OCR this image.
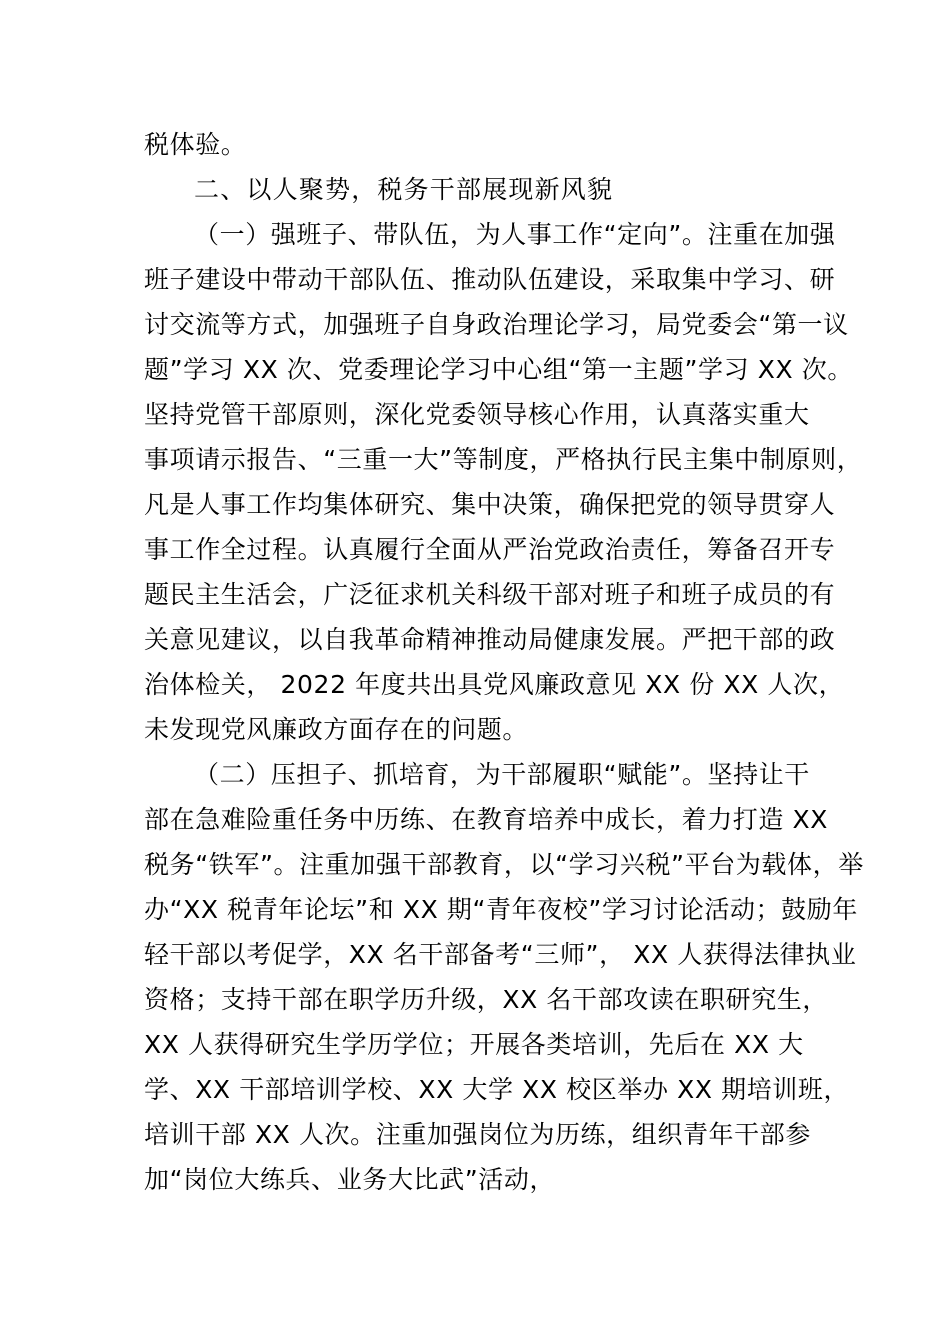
税体验。
二、以人聚势，税务干部展现新风貌
（一）强班子、带队伍，为人事工作“定向”。注重在加强
班子建设中带动干部队伍、推动队伍建设，采取集中学习、研
讨交流等方式，加强班子自身政治理论学习，局党委会“第一议
题”学习 XX 次、党委理论学习中心组“第一主题”学习 XX 次。
坚持党管干部原则，深化党委领导核心作用，认真落实重大
事项请示报告、“三重一大”等制度，严格执行民主集中制原则，
凡是人事工作均集体研究、集中决策，确保把党的领导贯穿人
事工作全过程。认真履行全面从严治党政治责任，筹备召开专
题民主生活会，广泛征求机关科级干部对班子和班子成员的有
关意见建议，以自我革命精神推动局健康发展。严把干部的政
治体检关， 2022 年度共出具党风廉政意见 XX 份 XX 人次，
未发现党风廉政方面存在的问题。
（二）压担子、抓培育，为干部履职“赋能”。坚持让干
部在急难险重任务中历练、在教育培养中成长，着力打造 XX
税务“铁军”。注重加强干部教育，以“学习兴税”平台为载体，举
办“XX 税青年论坛”和 XX 期“青年夜校”学习讨论活动；鼓励年
轻干部以考促学，XX 名干部备考“三师”， XX 人获得法律执业
资格；支持干部在职学历升级，XX 名干部攻读在职研究生，
XX 人获得研究生学历学位；开展各类培训，先后在 XX 大
学、XX 干部培训学校、XX 大学 XX 校区举办 XX 期培训班，
培训干部 XX 人次。注重加强岗位为历练，组织青年干部参
加“岗位大练兵、业务大比武”活动，
